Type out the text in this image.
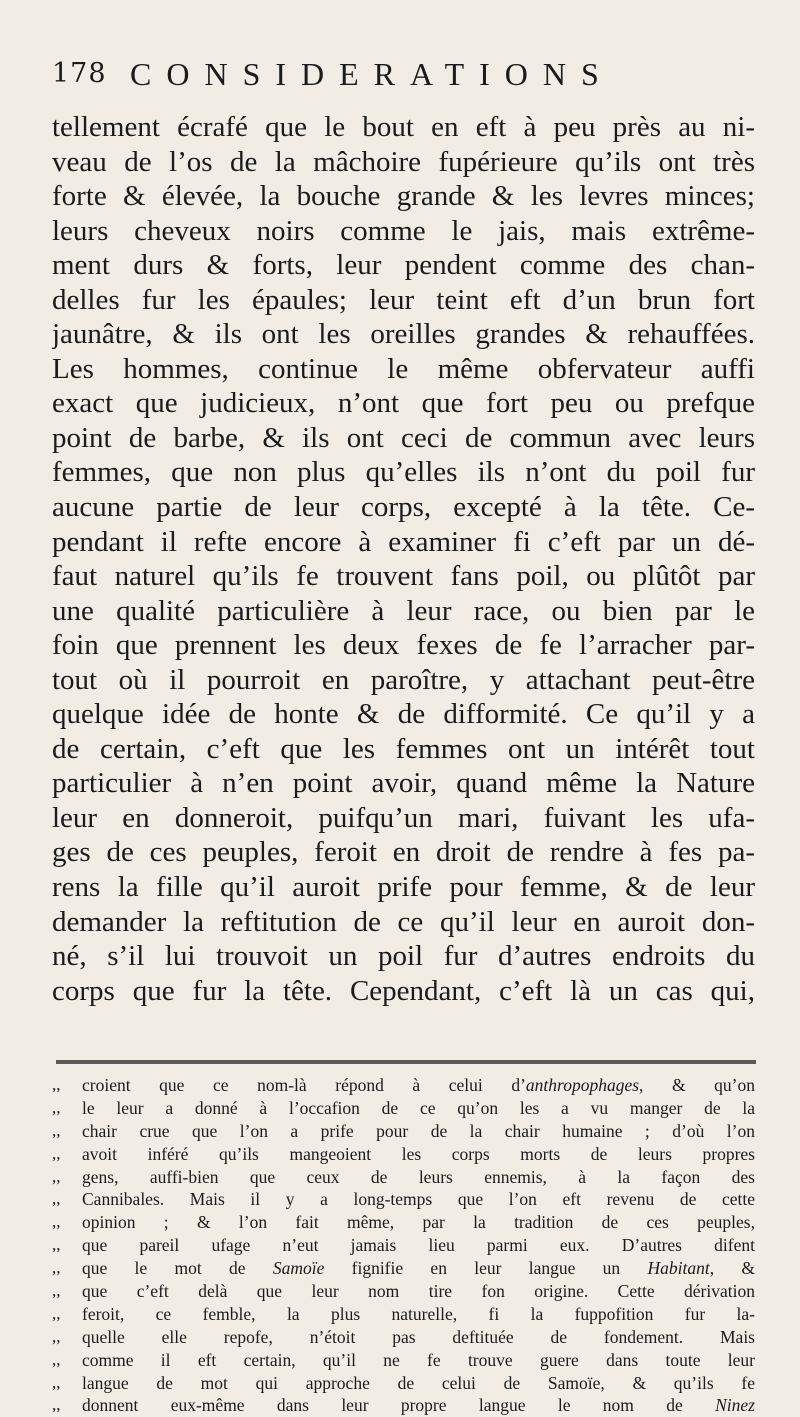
178 CONSIDERATIONS
tellement écrafé que le bout en eft à peu près au ni-
veau de l’os de la mâchoire fupérieure qu’ils ont très
forte & élevée, la bouche grande & les levres minces;
leurs cheveux noirs comme le jais, mais extrême-
ment durs & forts, leur pendent comme des chan-
delles fur les épaules; leur teint eft d’un brun fort
jaunâtre, & ils ont les oreilles grandes & rehauffées.
Les hommes, continue le même obfervateur auffi
exact que judicieux, n’ont que fort peu ou prefque
point de barbe, & ils ont ceci de commun avec leurs
femmes, que non plus qu’elles ils n’ont du poil fur
aucune partie de leur corps, excepté à la tête. Ce-
pendant il refte encore à examiner fi c’eft par un dé-
faut naturel qu’ils fe trouvent fans poil, ou plûtôt par
une qualité particulière à leur race, ou bien par le
foin que prennent les deux fexes de fe l’arracher par-
tout où il pourroit en paroître, y attachant peut-être
quelque idée de honte & de difformité. Ce qu’il y a
de certain, c’eft que les femmes ont un intérêt tout
particulier à n’en point avoir, quand même la Nature
leur en donneroit, puifqu’un mari, fuivant les ufa-
ges de ces peuples, feroit en droit de rendre à fes pa-
rens la fille qu’il auroit prife pour femme, & de leur
demander la reftitution de ce qu’il leur en auroit don-
né, s’il lui trouvoit un poil fur d’autres endroits du
corps que fur la tête. Cependant, c’eft là un cas qui,
,,	croient que ce nom-là répond à celui d’anthropophages, & qu’on
,,	le leur a donné à l’occafion de ce qu’on les a vu manger de la
,,	chair crue que l’on a prife pour de la chair humaine ; d’où l’on
,,	avoit inféré qu’ils mangeoient les corps morts de leurs propres
,,	gens, auffi-bien que ceux de leurs ennemis, à la façon des
,,	Cannibales. Mais il y a long-temps que l’on eft revenu de cette
,,	opinion ; & l’on fait même, par la tradition de ces peuples,
,,	que pareil ufage n’eut jamais lieu parmi eux. D’autres difent
,,	que le mot de Samoïe fignifie en leur langue un Habitant, &
,,	que c’eft delà que leur nom tire fon origine. Cette dérivation
,,	feroit, ce femble, la plus naturelle, fi la fuppofition fur la-
,,	quelle elle repofe, n’étoit pas deftituée de fondement. Mais
,,	comme il eft certain, qu’il ne fe trouve guere dans toute leur
,,	langue de mot qui approche de celui de Samoïe, & qu’ils fe
,,	donnent eux-même dans leur propre langue le nom de Ninez
